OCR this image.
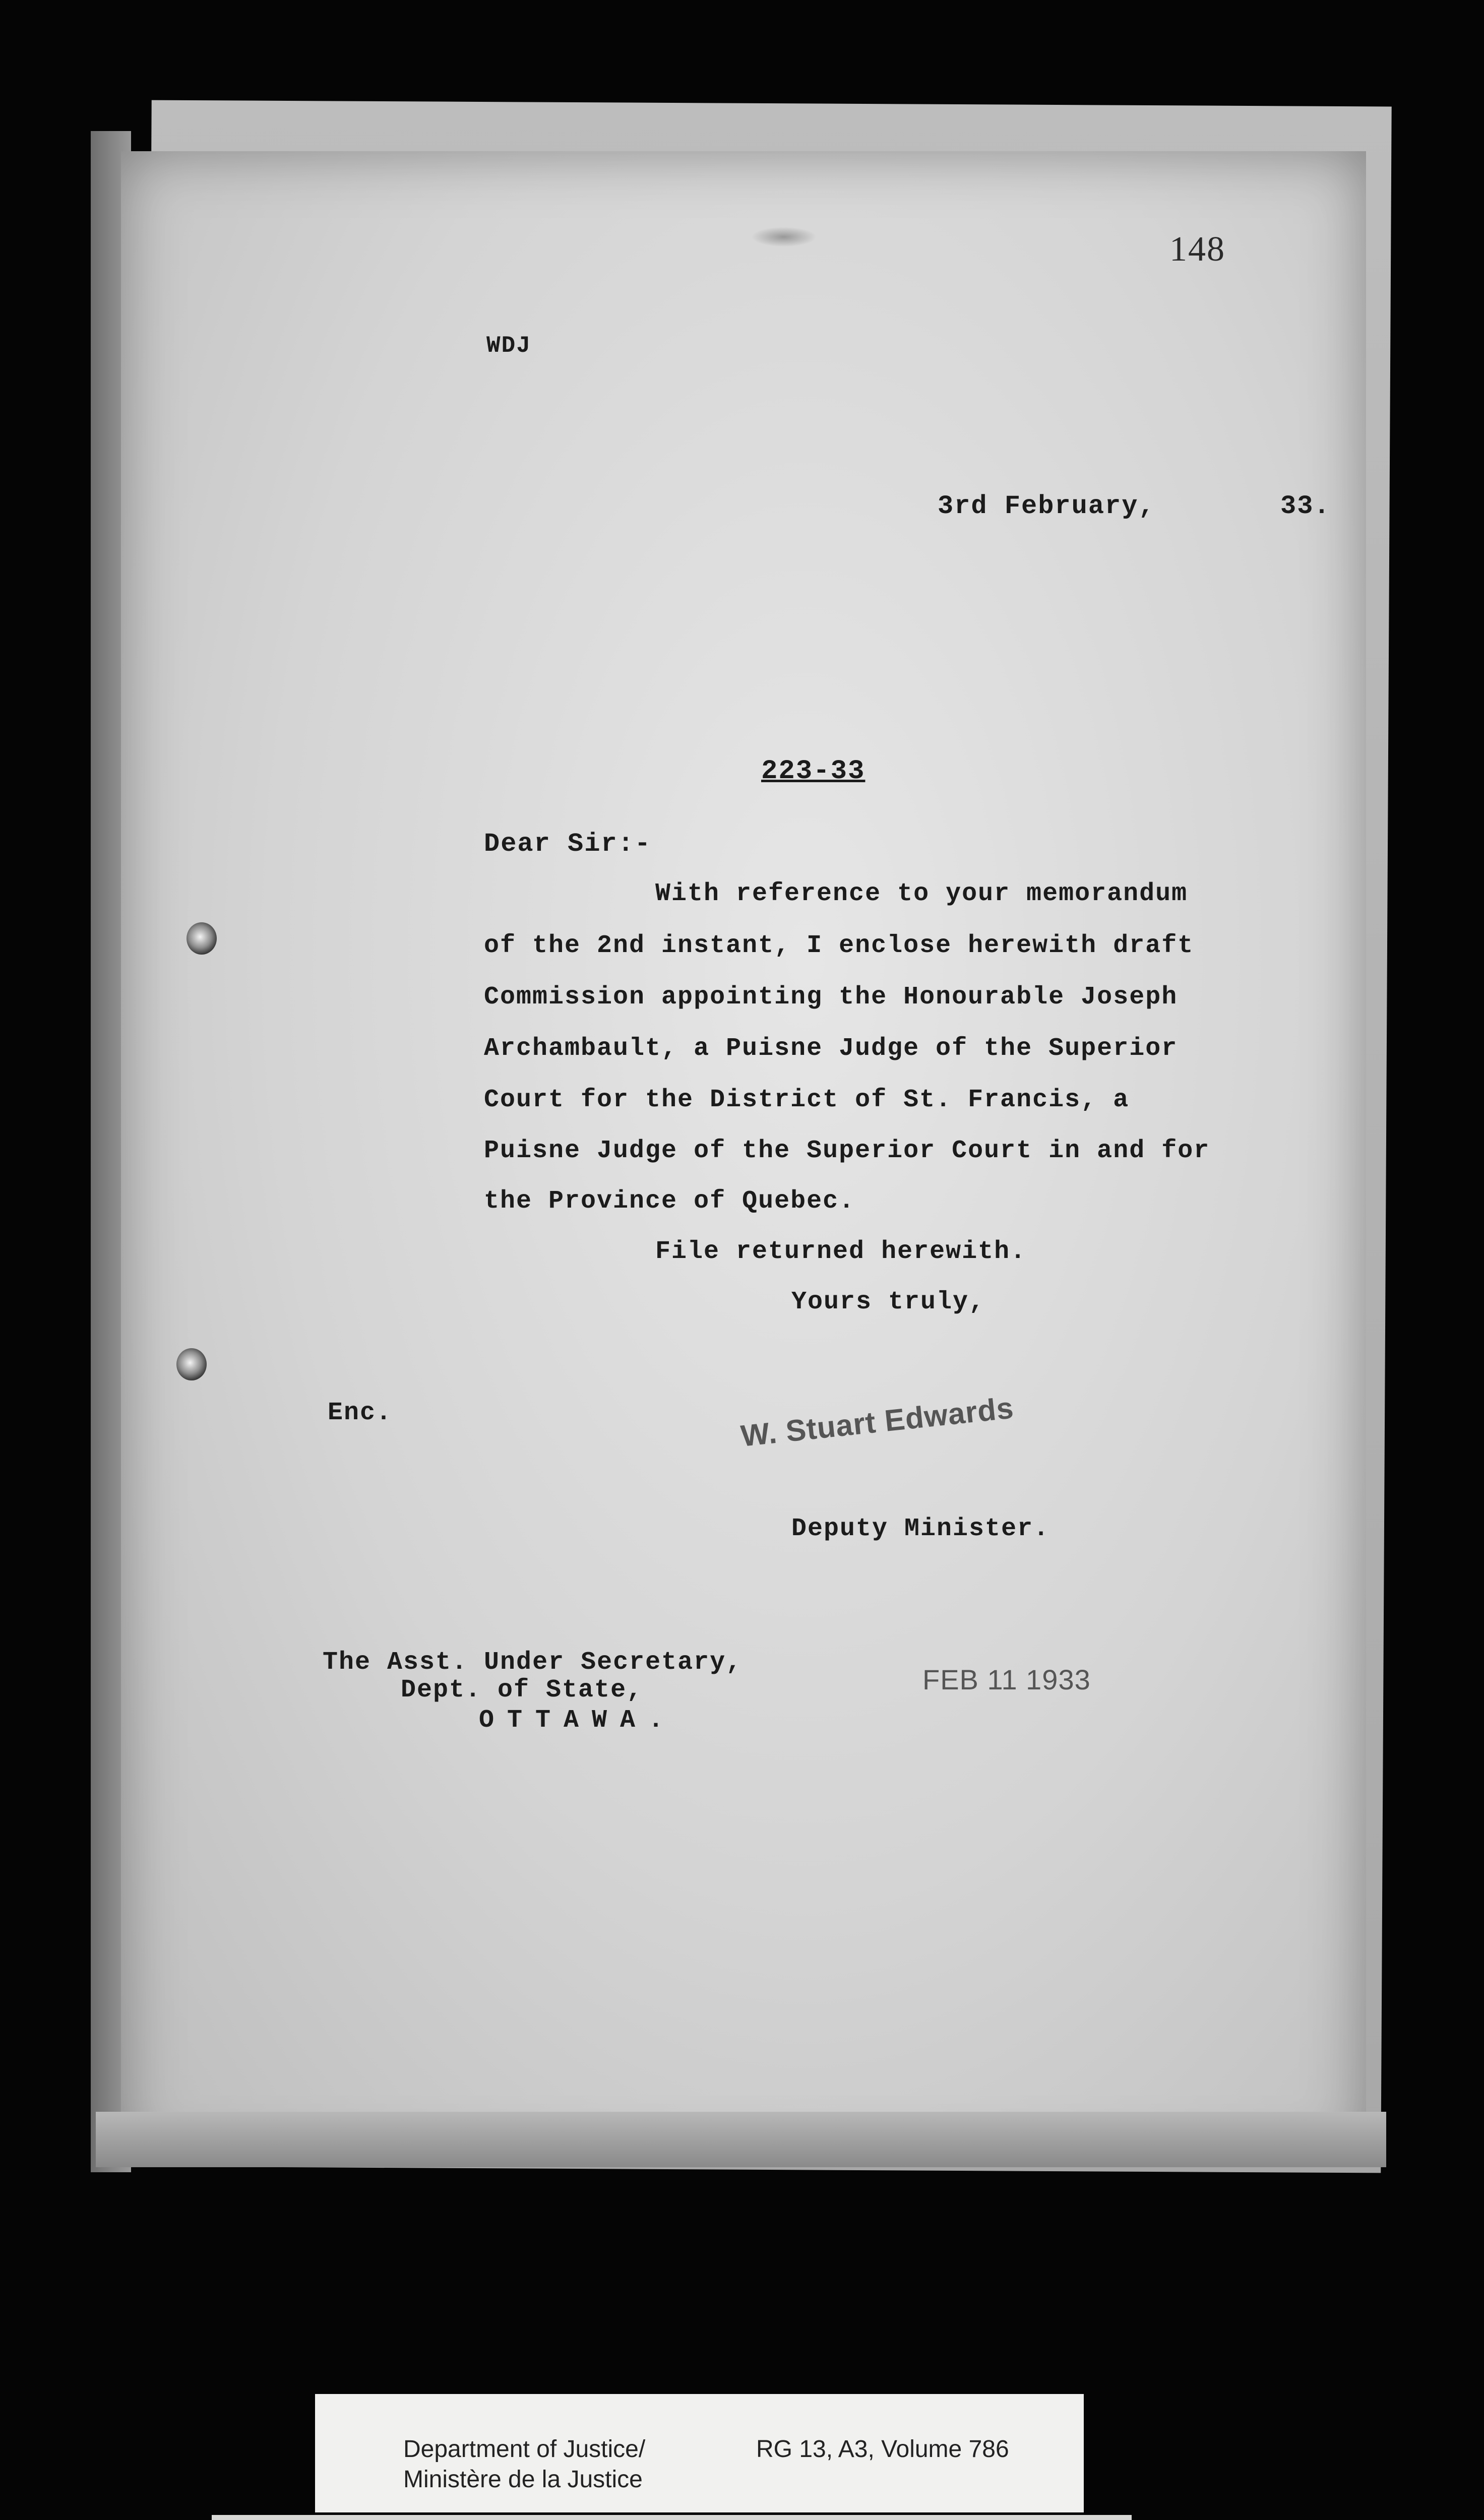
148
WDJ
3rd February,	33.
223-33
Dear Sir:-
With reference to your memorandum
of the 2nd instant, I enclose herewith draft
Commission appointing the Honourable Joseph
Archambault, a Puisne Judge of the Superior
Court for the District of St. Francis, a
Puisne Judge of the Superior Court in and for
the Province of Quebec.
File returned herewith.
Yours truly,
Enc.	W. Stuart Edwards
Deputy Minister.
The Asst. Under Secretary,
Dept. of State,
OTTAWA.
FEB 11 1933
Department of Justice/
Ministère de la Justice
RG 13, A3, Volume 786
